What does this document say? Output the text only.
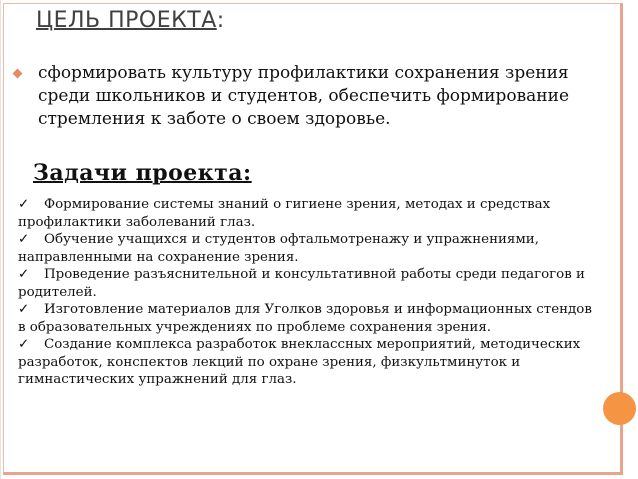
ЦЕЛЬ ПРОЕКТА:
сформировать культуру профилактики сохранения зрения среди школьников и студентов, обеспечить формирование стремления к заботе о своем здоровье.
Задачи проекта:
✓ Формирование системы знаний о гигиене зрения, методах и средствах профилактики заболеваний глаз.
✓ Обучение учащихся и студентов офтальмотренажу и упражнениями, направленными на сохранение зрения.
✓ Проведение разъяснительной и консультативной работы среди педагогов и родителей.
✓ Изготовление материалов для Уголков здоровья и информационных стендов в образовательных учреждениях по проблеме сохранения зрения.
✓ Создание комплекса разработок внеклассных мероприятий, методических разработок, конспектов лекций по охране зрения, физкультминуток и гимнастических упражнений для глаз.
